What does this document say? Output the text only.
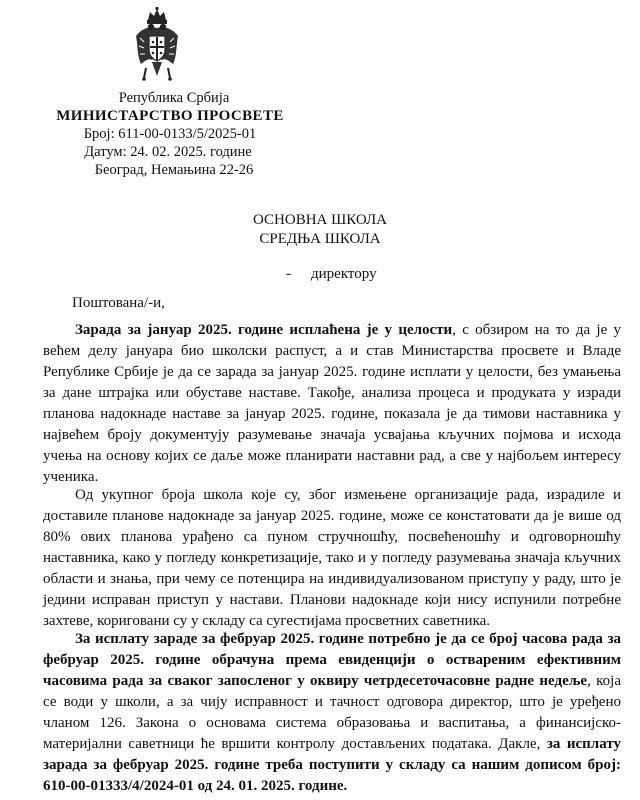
Република Србија
МИНИСТАРСТВО ПРОСВЕТЕ
Број: 611-00-0133/5/2025-01
Датум: 24. 02. 2025. године
Београд, Немањина 22-26
ОСНОВНА ШКОЛА
СРЕДЊА ШКОЛА
- директору
Поштована/-и,

Зарада за јануар 2025. године исплаћена је у целости, с обзиром на то да је у већем делу јануара био школски распуст, а и став Министарства просвете и Владе Републике Србије је да се зарада за јануар 2025. године исплати у целости, без умањења за дане штрајка или обуставе наставе. Такође, анализа процеса и продуката у изради планова надокнаде наставе за јануар 2025. године, показала је да тимови наставника у највећем броју документују разумевање значаја усвајања кључних појмова и исхода учења на основу којих се даље може планирати наставни рад, а све у најбољем интересу ученика.

Од укупног броја школа које су, због измењене организације рада, израдиле и доставиле планове надокнаде за јануар 2025. године, може се констатовати да је више од 80% ових планова урађено са пуном стручношћу, посвећеношћу и одговорношћу наставника, како у погледу конкретизације, тако и у погледу разумевања значаја кључних области и знања, при чему се потенцира на индивидуализованом приступу у раду, што је једини исправан приступ у настави. Планови надокнаде који нису испунили потребне захтеве, кориговани су у складу са сугестијама просветних саветника.

За исплату зараде за фебруар 2025. године потребно је да се број часова рада за фебруар 2025. године обрачуна према евиденцији о оствареним ефективним часовима рада за сваког запосленог у оквиру четрдесеточасовне радне недеље, која се води у школи, а за чију исправност и тачност одговора директор, што је уређено чланом 126. Закона о основама система образовања и васпитања, а финансијско-материјални саветници ће вршити контролу достављених података. Дакле, за исплату зарада за фебруар 2025. године треба поступити у складу са нашим дописом број: 610-00-01333/4/2024-01 од 24. 01. 2025. године.
